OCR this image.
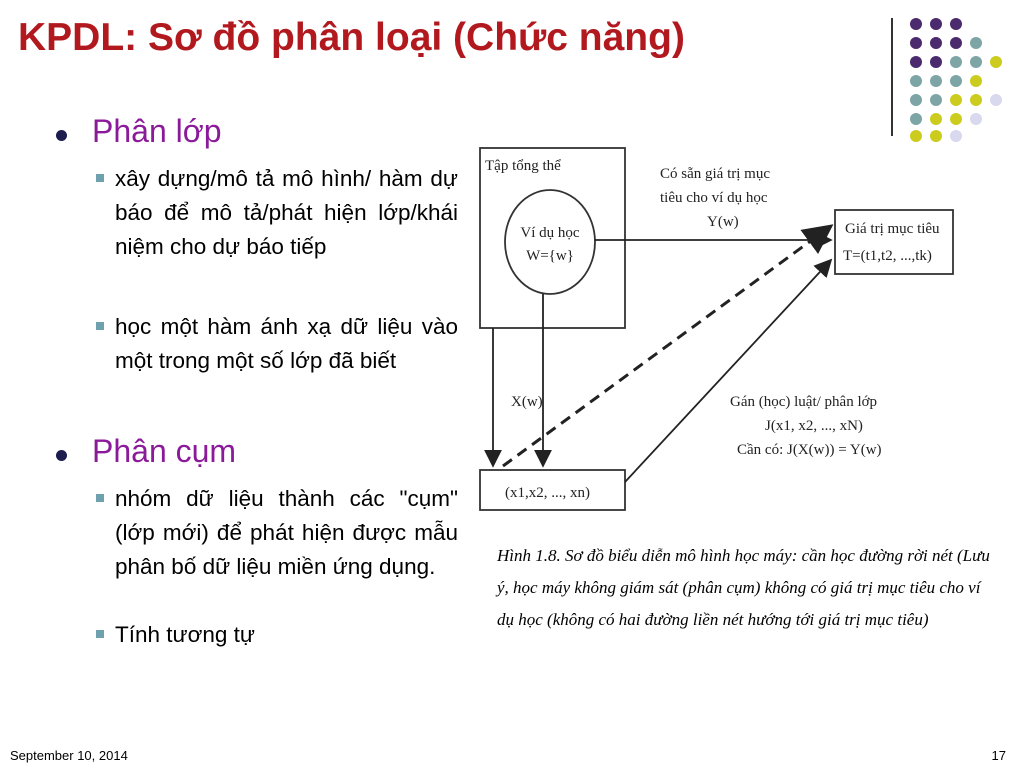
KPDL: Sơ đồ phân loại (Chức năng)
Phân lớp
xây dựng/mô tả mô hình/ hàm dự báo để mô tả/phát hiện lớp/khái niệm cho dự báo tiếp
học một hàm ánh xạ dữ liệu vào một trong một số lớp đã biết
Phân cụm
nhóm dữ liệu thành các "cụm" (lớp mới) để phát hiện được mẫu phân bố dữ liệu miền ứng dụng.
Tính tương tự
Tập tổng thể
Ví dụ học
W={w}
Có sẵn giá trị mục
tiêu cho ví dụ học
Y(w)	Giá trị mục tiêu
T=(t1,t2, ...,tk)
X(w)
(x1,x2, ..., xn)
Gán (học) luật/ phân lớp
J(x1, x2, ..., xN)
Cần có: J(X(w)) = Y(w)
Hình 1.8. Sơ đồ biểu diễn mô hình học máy: cần học đường rời nét (Lưu ý, học máy không giám sát (phân cụm) không có giá trị mục tiêu cho ví dụ học (không có hai đường liền nét hướng tới giá trị mục tiêu)
September 10, 2014	17
